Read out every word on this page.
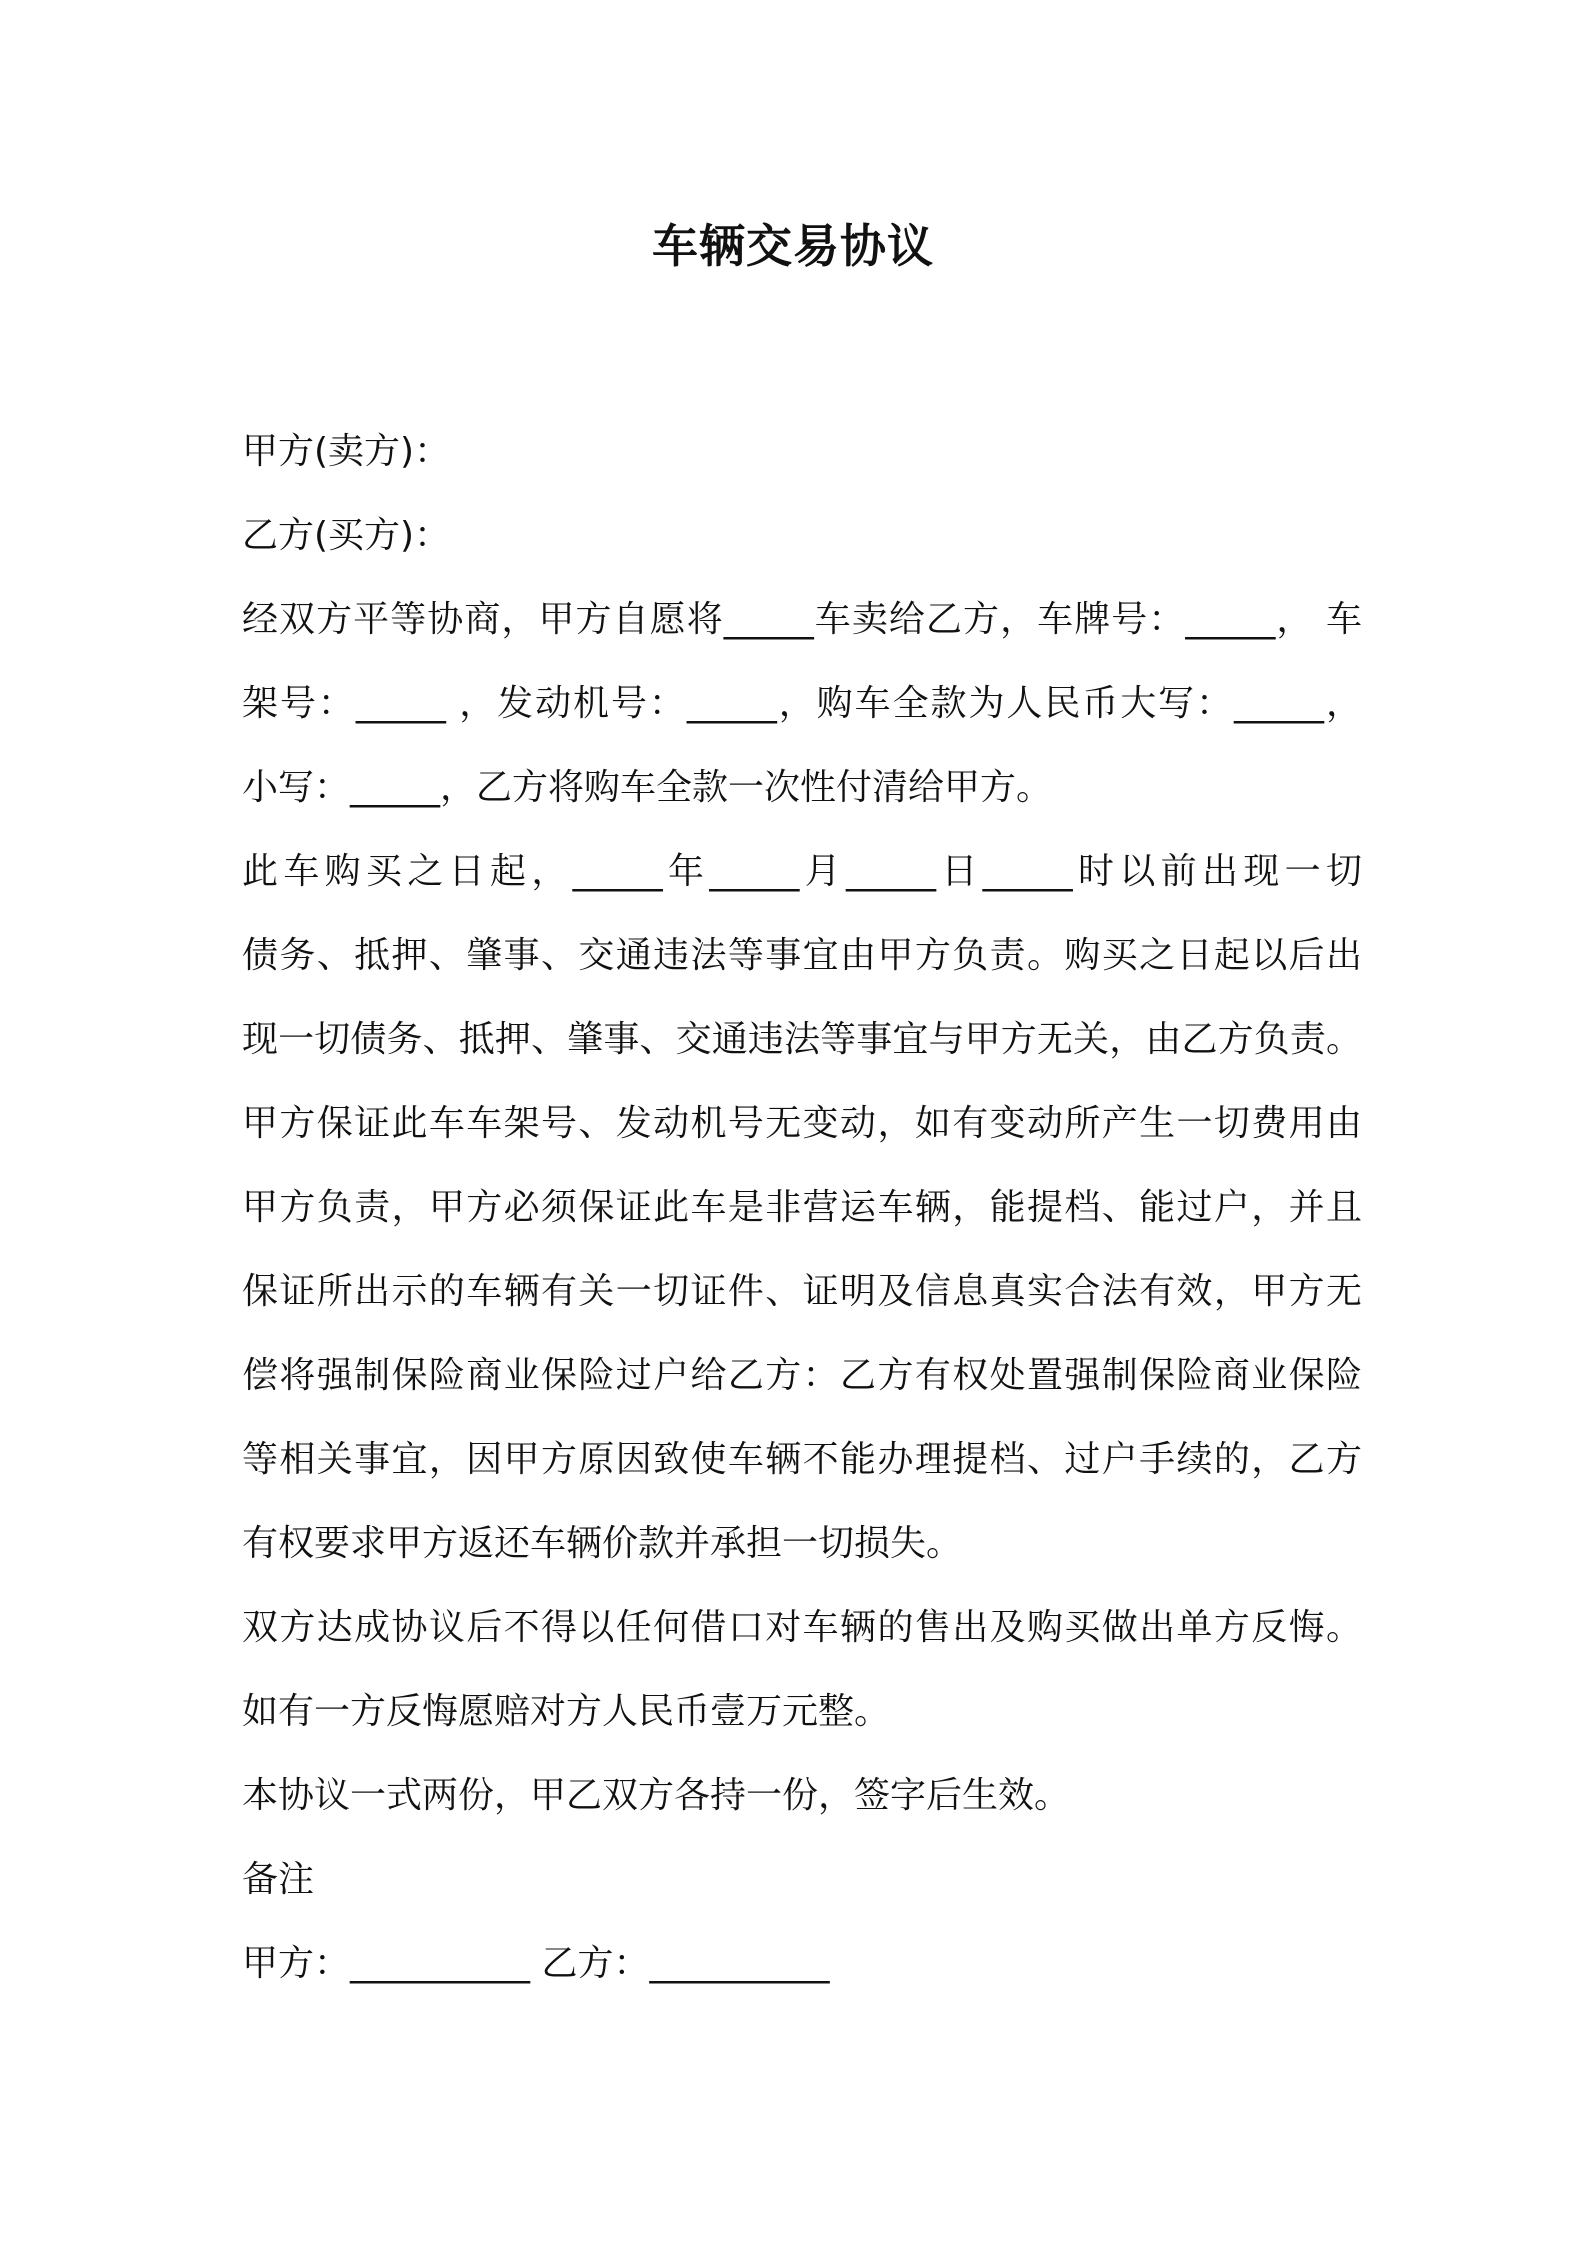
车辆交易协议
甲方(卖方)：
乙方(买方)：
经双方平等协商，甲方自愿将_____车卖给乙方，车牌号：_____， 车
架号：_____ ，发动机号：_____，购车全款为人民币大写：_____，
小写：_____，乙方将购车全款一次性付清给甲方。
此车购买之日起，_____年_____月_____日_____时以前出现一切
债务、抵押、肇事、交通违法等事宜由甲方负责。购买之日起以后出
现一切债务、抵押、肇事、交通违法等事宜与甲方无关，由乙方负责。
甲方保证此车车架号、发动机号无变动，如有变动所产生一切费用由
甲方负责，甲方必须保证此车是非营运车辆，能提档、能过户，并且
保证所出示的车辆有关一切证件、证明及信息真实合法有效，甲方无
偿将强制保险商业保险过户给乙方：乙方有权处置强制保险商业保险
等相关事宜，因甲方原因致使车辆不能办理提档、过户手续的，乙方
有权要求甲方返还车辆价款并承担一切损失。
双方达成协议后不得以任何借口对车辆的售出及购买做出单方反悔。
如有一方反悔愿赔对方人民币壹万元整。
本协议一式两份，甲乙双方各持一份，签字后生效。
备注
甲方：__________ 乙方：__________
